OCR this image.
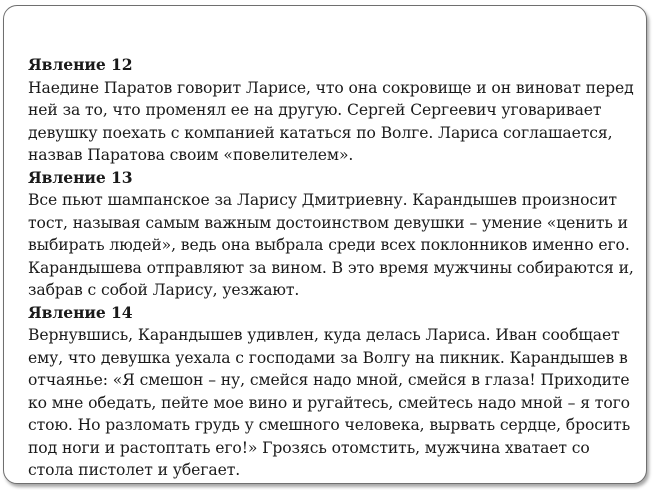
Явление 12
Наедине Паратов говорит Ларисе, что она сокровище и он виноват перед ней за то, что променял ее на другую. Сергей Сергеевич уговаривает девушку поехать с компанией кататься по Волге. Лариса соглашается, назвав Паратова своим «повелителем».
Явление 13
Все пьют шампанское за Ларису Дмитриевну. Карандышев произносит тост, называя самым важным достоинством девушки – умение «ценить и выбирать людей», ведь она выбрала среди всех поклонников именно его. Карандышева отправляют за вином. В это время мужчины собираются и, забрав с собой Ларису, уезжают.
Явление 14
Вернувшись, Карандышев удивлен, куда делась Лариса. Иван сообщает ему, что девушка уехала с господами за Волгу на пикник. Карандышев в отчаянье: «Я смешон – ну, смейся надо мной, смейся в глаза! Приходите ко мне обедать, пейте мое вино и ругайтесь, смейтесь надо мной – я того стою. Но разломать грудь у смешного человека, вырвать сердце, бросить под ноги и растоптать его!» Грозясь отомстить, мужчина хватает со стола пистолет и убегает.
